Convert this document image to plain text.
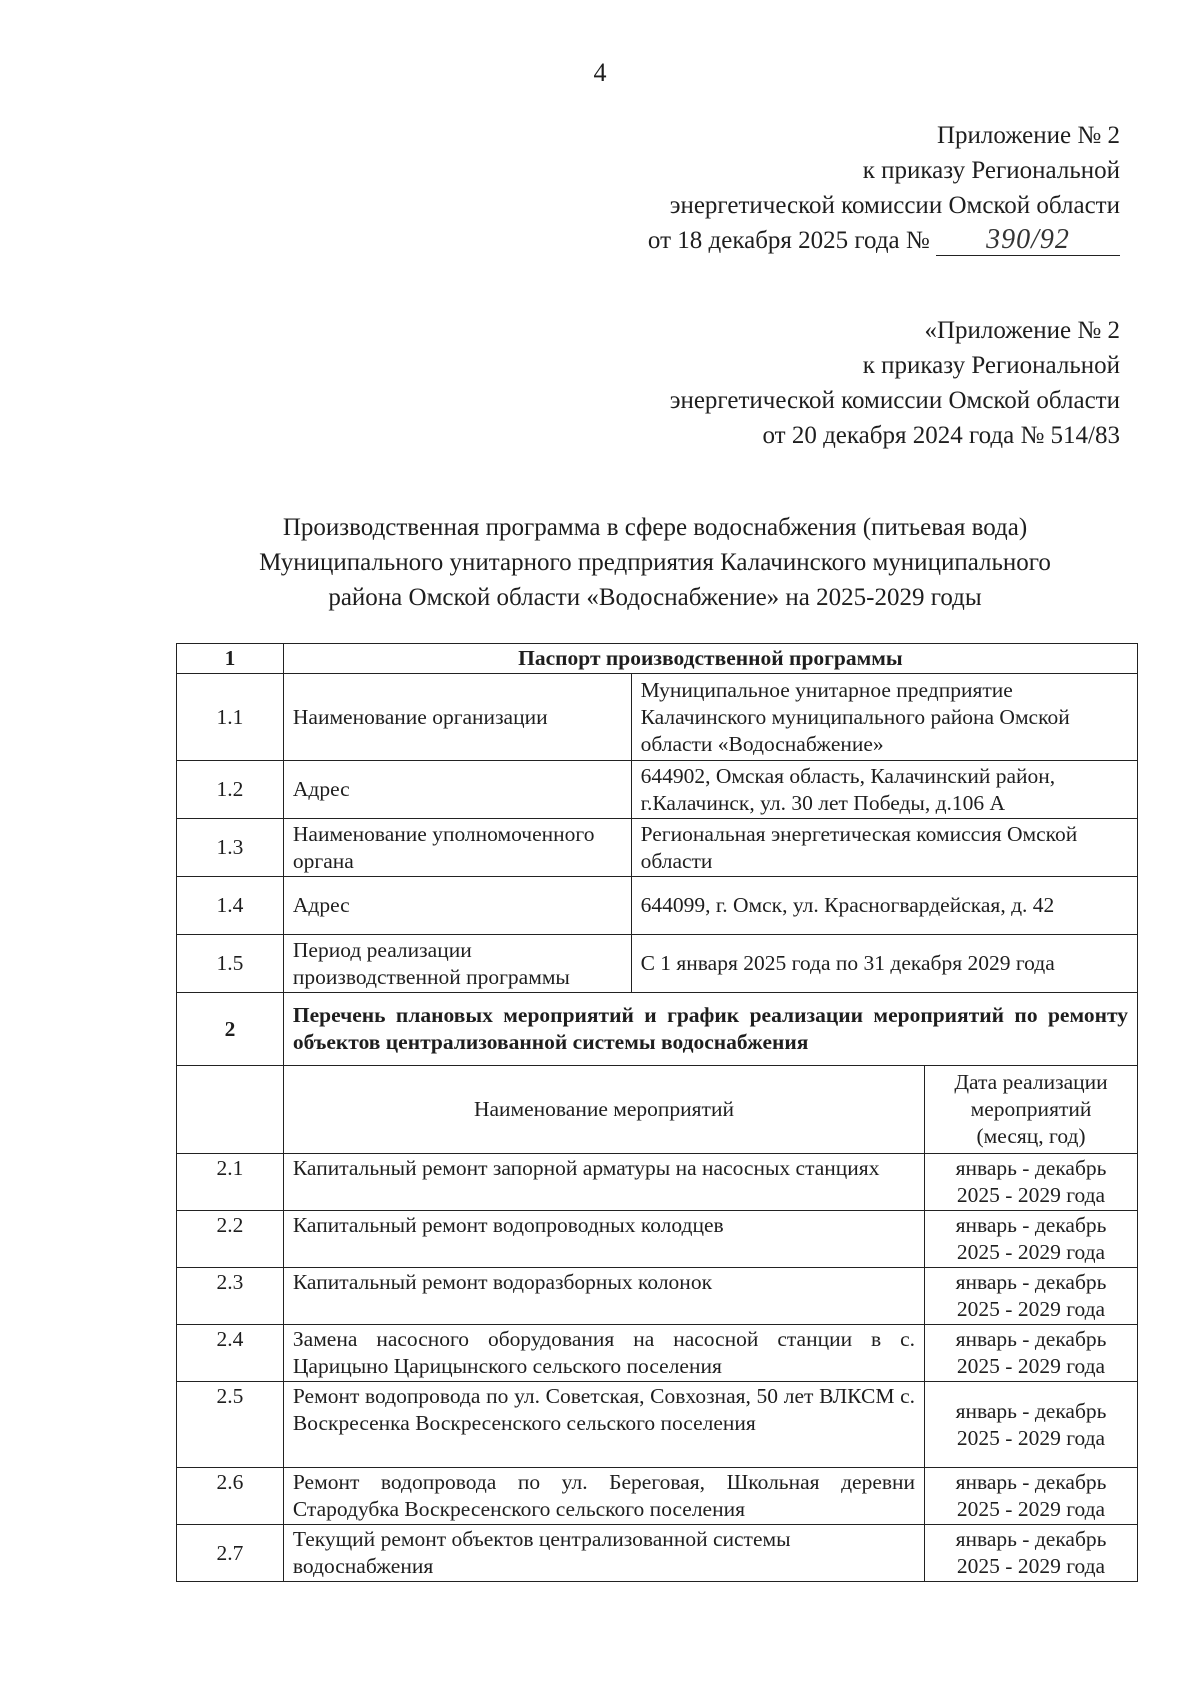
4
Приложение № 2
к приказу Региональной
энергетической комиссии Омской области
от 18 декабря 2025 года № 390/92
«Приложение № 2
к приказу Региональной
энергетической комиссии Омской области
от 20 декабря 2024 года № 514/83
Производственная программа в сфере водоснабжения (питьевая вода)
Муниципального унитарного предприятия Калачинского муниципального
района Омской области «Водоснабжение» на 2025-2029 годы
1	Паспорт производственной программы		
1.1	Наименование организации	Муниципальное унитарное предприятие Калачинского муниципального района Омской области «Водоснабжение»	
1.2	Адрес	644902, Омская область, Калачинский район, г.Калачинск, ул. 30 лет Победы, д.106 А	
1.3	Наименование уполномоченного органа	Региональная энергетическая комиссия Омской области	
1.4	Адрес	644099, г. Омск, ул. Красногвардейская, д. 42	
1.5	Период реализации производственной программы	С 1 января 2025 года по 31 декабря 2029 года	
2	Перечень плановых мероприятий и график реализации мероприятий по ремонту объектов централизованной системы водоснабжения		
	Наименование мероприятий		Дата реализации
мероприятий
(месяц, год)

2.1	Капитальный ремонт запорной арматуры на насосных станциях		январь - декабрь
2025 - 2029 года

2.2	Капитальный ремонт водопроводных колодцев		январь - декабрь
2025 - 2029 года

2.3	Капитальный ремонт водоразборных колонок		январь - декабрь
2025 - 2029 года

2.4	Замена насосного оборудования на насосной станции в с. Царицыно Царицынского сельского поселения		январь - декабрь
2025 - 2029 года

2.5	Ремонт водопровода по ул. Советская, Совхозная, 50 лет ВЛКСМ с. Воскресенка Воскресенского сельского поселения		январь - декабрь
2025 - 2029 года

2.6	Ремонт водопровода по ул. Береговая, Школьная деревни Стародубка Воскресенского сельского поселения		январь - декабрь
2025 - 2029 года

2.7	Текущий ремонт объектов централизованной системы водоснабжения		январь - декабрь
2025 - 2029 года
